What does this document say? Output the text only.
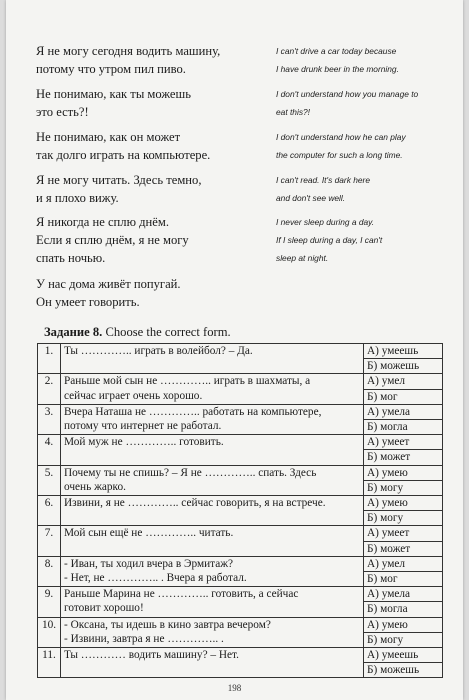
Я не могу сегодня водить машину,
потому что утром пил пиво.
I can't drive a car today because
I have drunk beer in the morning.
Не понимаю, как ты можешь
это есть?!
I don't understand how you manage to
eat this?!
Не понимаю, как он может
так долго играть на компьютере.
I don't understand how he can play
the computer for such a long time.
Я не могу читать. Здесь темно,
и я плохо вижу.
I can't read. It's dark here
and don't see well.
Я никогда не сплю днём.
Если я сплю днём, я не могу
спать ночью.
I never sleep during a day.
If I sleep during a day, I can't
sleep at night.
У нас дома живёт попугай.
Он умеет говорить.
Задание 8. Choose the correct form.
1.	Ты ………….. играть в волейбол? – Да.	А) умеешь
		Б) можешь
2.	Раньше мой сын не ………….. играть в шахматы, а
сейчас играет очень хорошо.	А) умел
		Б) мог
3.	Вчера Наташа не ………….. работать на компьютере,
потому что интернет не работал.	А) умела
		Б) могла
4.	Мой муж не ………….. готовить.	А) умеет
		Б) может
5.	Почему ты не спишь? – Я не ………….. спать. Здесь
очень жарко.	А) умею
		Б) могу
6.	Извини, я не ………….. сейчас говорить, я на встрече.	А) умею
		Б) могу
7.	Мой сын ещё не ………….. читать.	А) умеет
		Б) может
8.	- Иван, ты ходил вчера в Эрмитаж?
- Нет, не ………….. . Вчера я работал.	А) умел
		Б) мог
9.	Раньше Марина не ………….. готовить, а сейчас
готовит хорошо!	А) умела
		Б) могла
10.	- Оксана, ты идешь в кино завтра вечером?
- Извини, завтра я не ………….. .	А) умею
		Б) могу
11.	Ты ………… водить машину? – Нет.	А) умеешь
		Б) можешь
198
